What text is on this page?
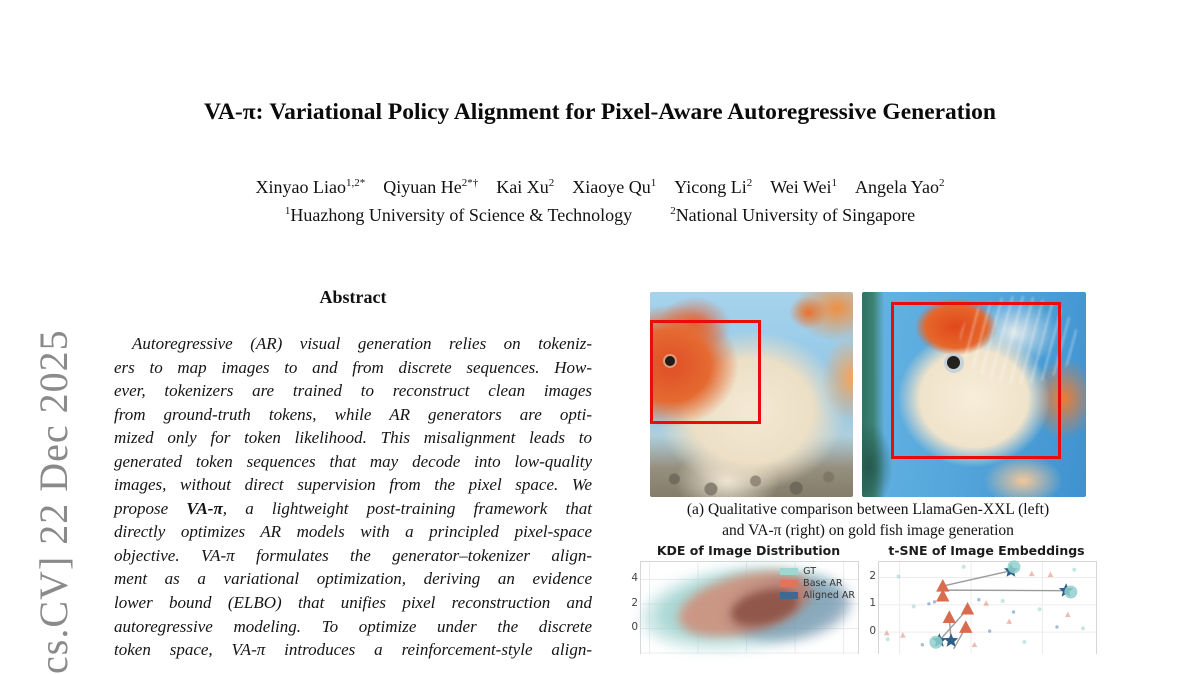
cs.CV] 22 Dec 2025
VA-π: Variational Policy Alignment for Pixel-Aware Autoregressive Generation
Xinyao Liao$^{1,2*}$ Qiyuan $He^{2*\dagger}$ Kai Xu$^2$ Xiaoye Qu$^1$ Yicong Li$^2$ Wei Wei$^1$ Angela Yao$^2$
$^1$Huazhong University of Science & Technology	$^2$National University of Singapore
Abstract
Autoregressive (AR) visual generation relies on tokeniz-
ers to map images to and from discrete sequences. How-
ever, tokenizers are trained to reconstruct clean images
from ground-truth tokens, while AR generators are opti-
mized only for token likelihood. This misalignment leads to
generated token sequences that may decode into low-quality
images, without direct supervision from the pixel space. We
propose VA-π, a lightweight post-training framework that
directly optimizes AR models with a principled pixel-space
objective. VA-π formulates the generator–tokenizer align-
ment as a variational optimization, deriving an evidence
lower bound (ELBO) that unifies pixel reconstruction and
autoregressive modeling. To optimize under the discrete
token space, VA-π introduces a reinforcement-style align-
(a) Qualitative comparison between LlamaGen-XXL (left)
and VA-π (right) on gold fish image generation
KDE of Image Distribution
GT
Base AR
Aligned AR
4
2
0
t-SNE of Image Embeddings
2
1
0
